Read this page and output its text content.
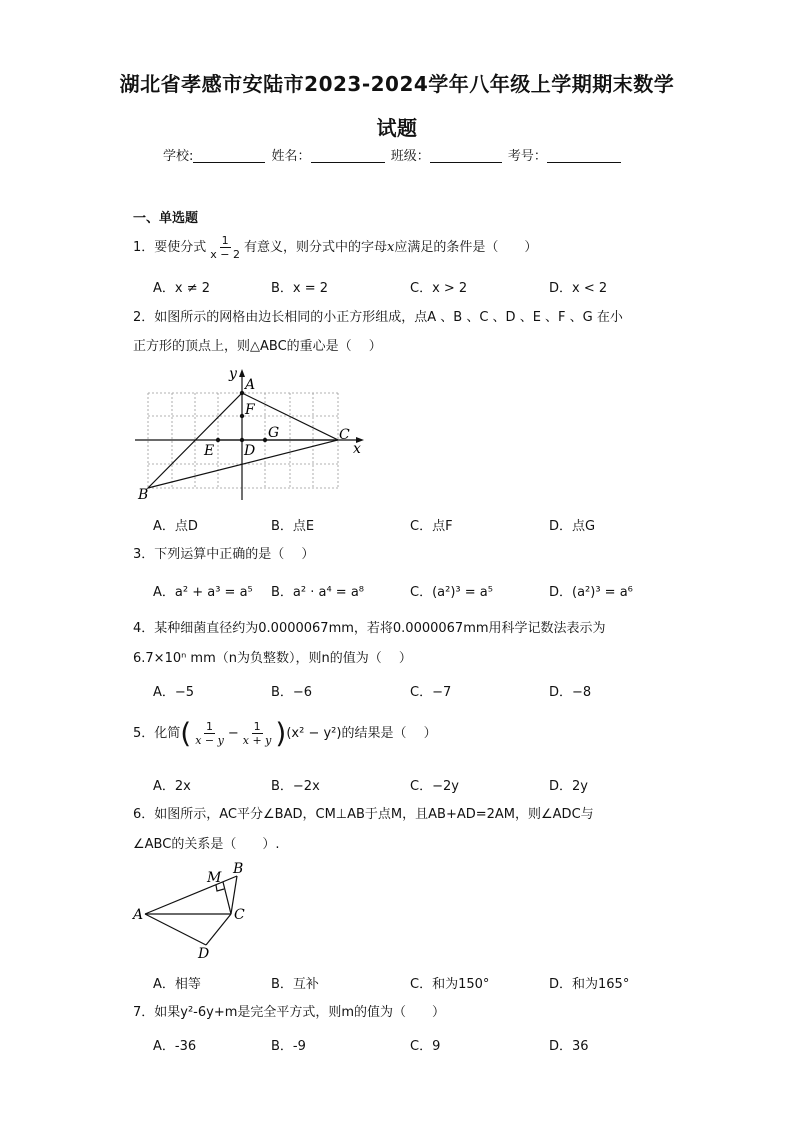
湖北省孝感市安陆市2023-2024学年八年级上学期期末数学
试题
学校:	姓名：	班级：	考号：
一、单选题
1．要使分式 $\frac{1}{x - 2}$ 有意义，则分式中的字母x应满足的条件是（　　）
A．x ≠ 2	B．x = 2	C．x > 2	D．x < 2
2．如图所示的网格由边长相同的小正方形组成，点A 、B 、C 、D 、E 、F 、G 在小
正方形的顶点上，则△ABC的重心是（　 ）
y
A
F
G	C
E D	x
B
A．点D	B．点E	C．点F	D．点G
3．下列运算中正确的是（　 ）
A．a² + a³ = a⁵ B．a² · a⁴ = a⁸	C．(a²)³ = a⁵	D．(a²)³ = a⁶
4．某种细菌直径约为0.0000067mm，若将0.0000067mm用科学记数法表示为
6.7×10ⁿ mm（n为负整数），则n的值为（　 ）
A．−5	B．−6	C．−7	D．−8
5．化简( $\frac{1}{x - y} - \frac{1}{x + y} )(x^2 - y^2)$的结果是（　 ）
A．2x	B．−2x	C．−2y	D．2y
6．如图所示，AC平分∠BAD，CM⊥AB于点M，且AB+AD=2AM，则∠ADC与
∠ABC的关系是（　　）.
M
B
A	C
D
A．相等	B．互补	C．和为150°	D．和为165°
7．如果y²-6y+m是完全平方式，则m的值为（　　）
A．-36	B．-9	C．9	D．36
